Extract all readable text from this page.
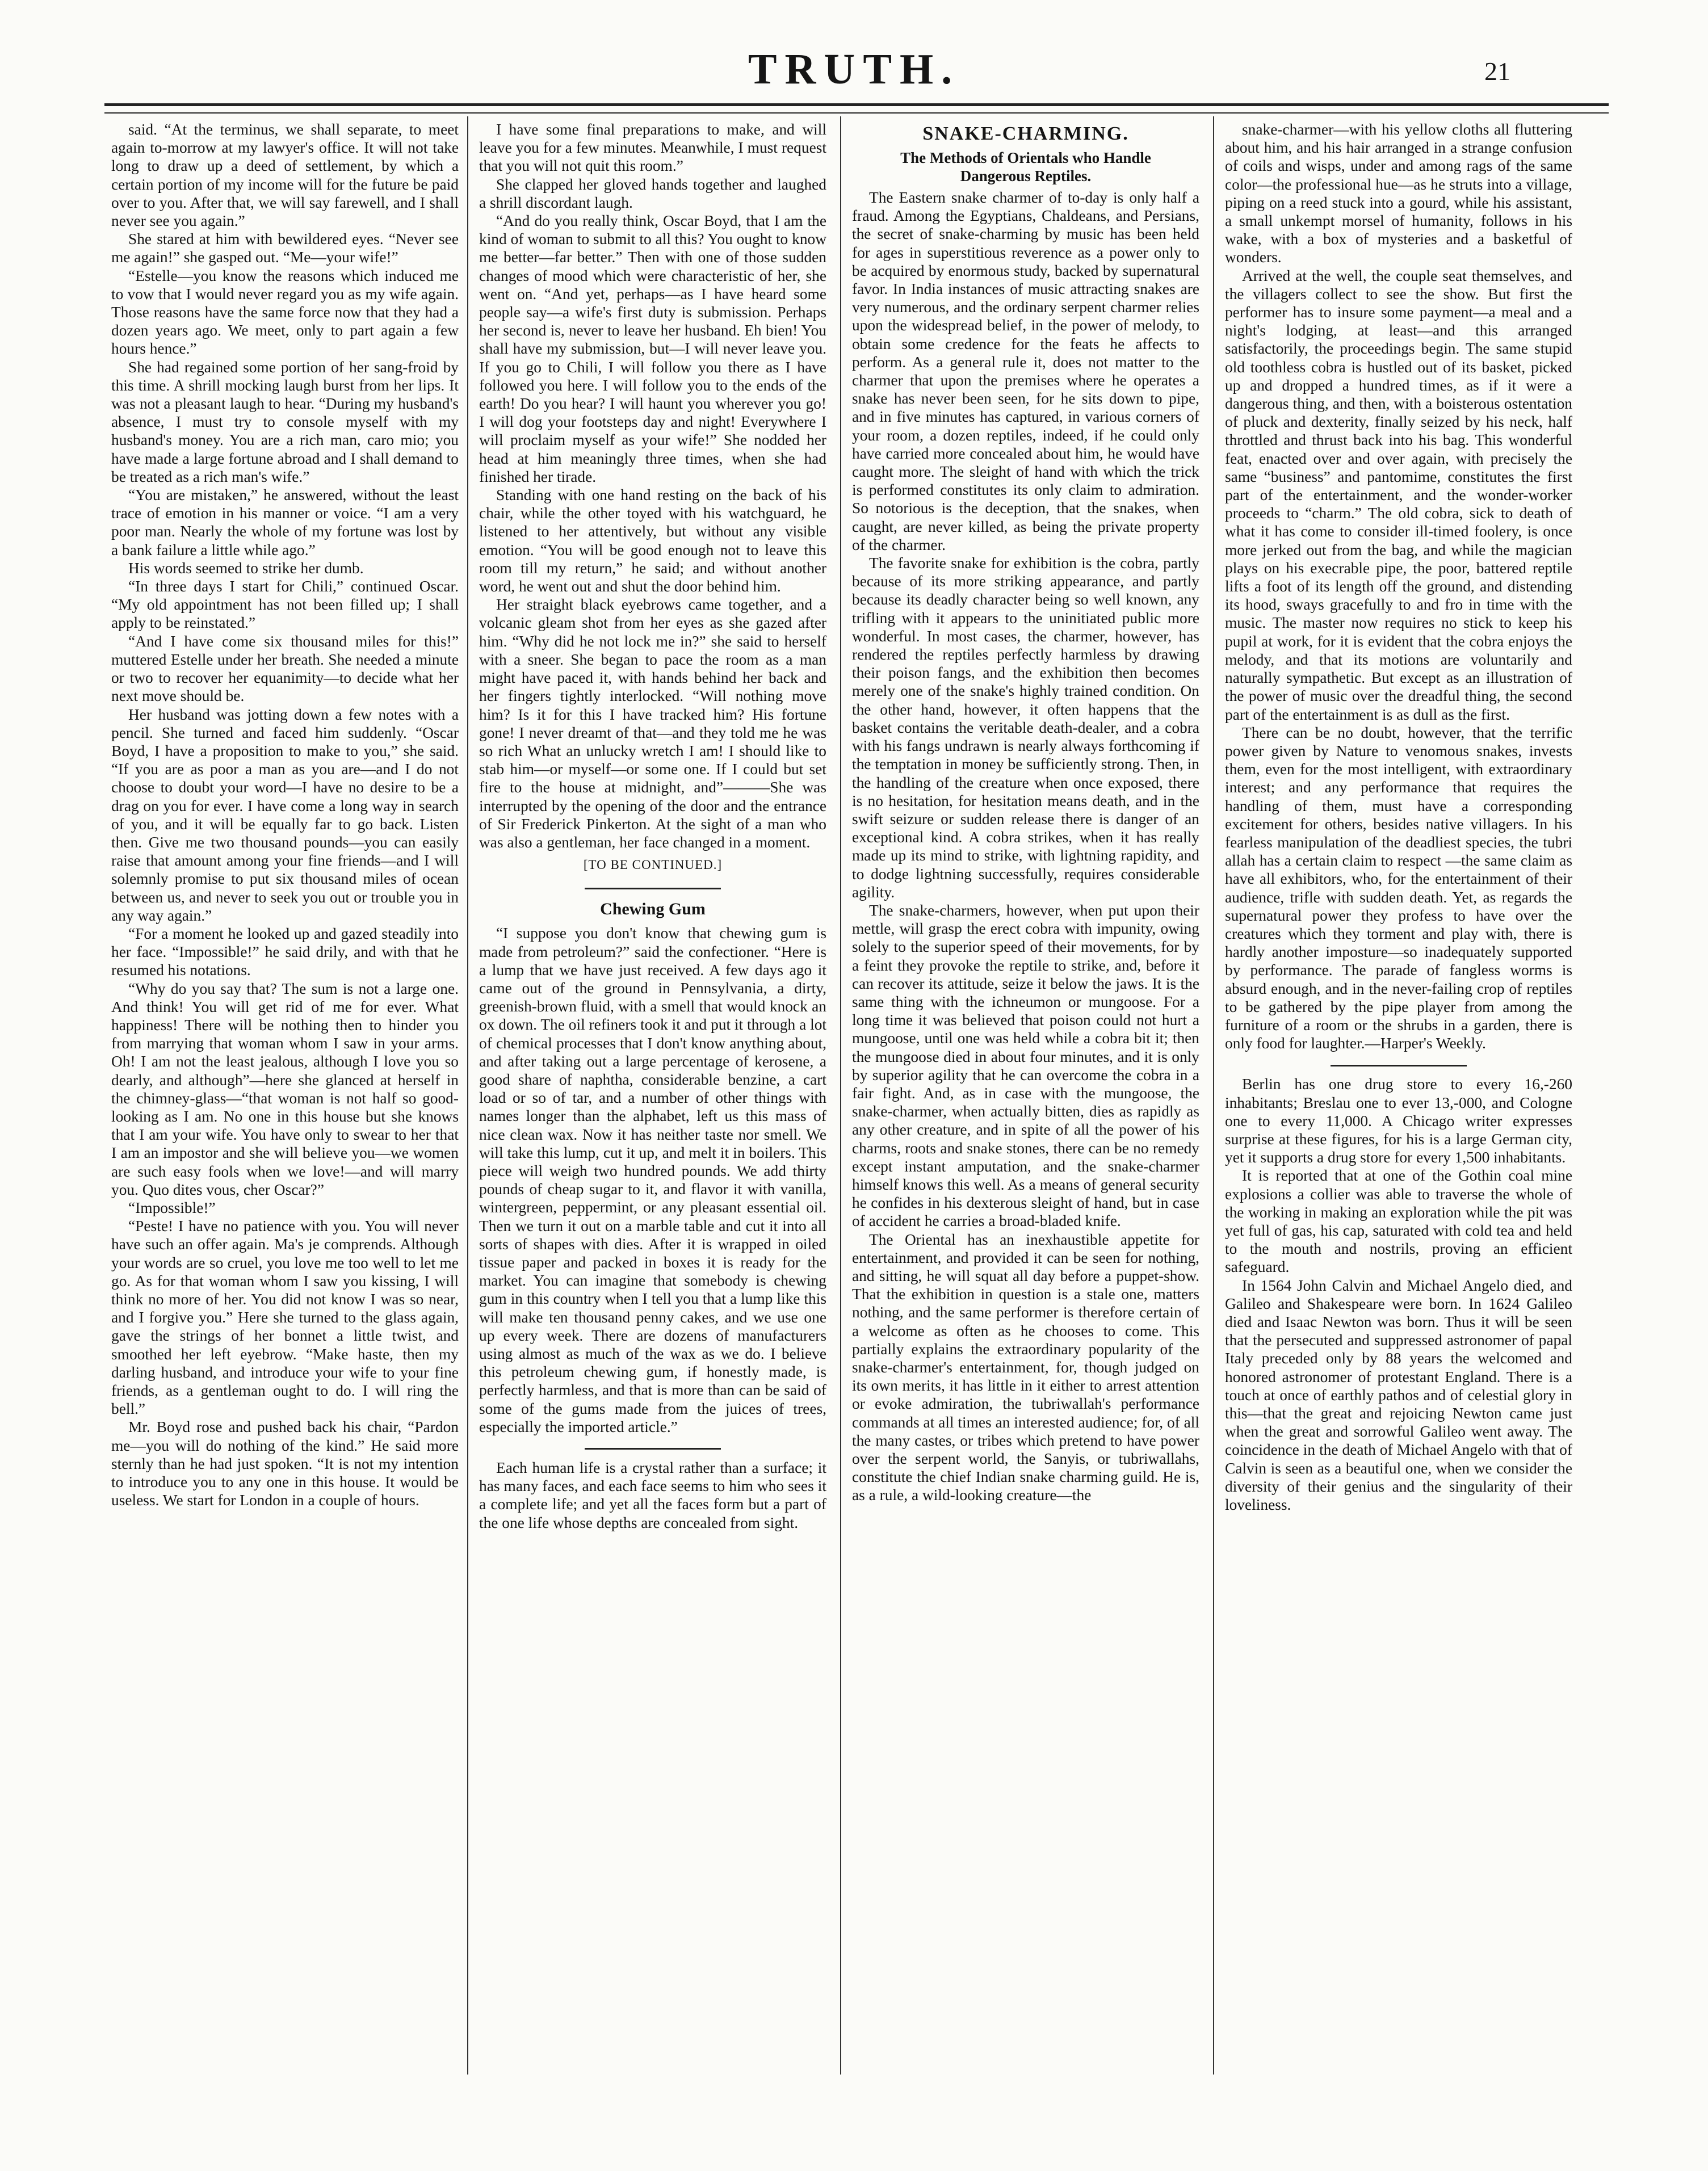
TRUTH.	21

said. “At the terminus, we shall separate, to meet again to-morrow at my lawyer's office. It will not take long to draw up a deed of settlement, by which a certain portion of my income will for the future be paid over to you. After that, we will say farewell, and I shall never see you again.”

She stared at him with bewildered eyes. “Never see me again!” she gasped out. “Me—your wife!”

“Estelle—you know the reasons which induced me to vow that I would never regard you as my wife again. Those reasons have the same force now that they had a dozen years ago. We meet, only to part again a few hours hence.”

She had regained some portion of her sang-froid by this time. A shrill mocking laugh burst from her lips. It was not a pleasant laugh to hear. “During my husband's absence, I must try to console myself with my husband's money. You are a rich man, caro mio; you have made a large fortune abroad and I shall demand to be treated as a rich man's wife.”

“You are mistaken,” he answered, without the least trace of emotion in his manner or voice. “I am a very poor man. Nearly the whole of my fortune was lost by a bank failure a little while ago.”

His words seemed to strike her dumb.

“In three days I start for Chili,” continued Oscar. “My old appointment has not been filled up; I shall apply to be reinstated.”

“And I have come six thousand miles for this!” muttered Estelle under her breath. She needed a minute or two to recover her equanimity—to decide what her next move should be.

Her husband was jotting down a few notes with a pencil. She turned and faced him suddenly. “Oscar Boyd, I have a proposition to make to you,” she said. “If you are as poor a man as you are—and I do not choose to doubt your word—I have no desire to be a drag on you for ever. I have come a long way in search of you, and it will be equally far to go back. Listen then. Give me two thousand pounds—you can easily raise that amount among your fine friends—and I will solemnly promise to put six thousand miles of ocean between us, and never to seek you out or trouble you in any way again.”

“For a moment he looked up and gazed steadily into her face. “Impossible!” he said drily, and with that he resumed his notations.

“Why do you say that? The sum is not a large one. And think! You will get rid of me for ever. What happiness! There will be nothing then to hinder you from marrying that woman whom I saw in your arms. Oh! I am not the least jealous, although I love you so dearly, and although”—here she glanced at herself in the chimney-glass—“that woman is not half so good-looking as I am. No one in this house but she knows that I am your wife. You have only to swear to her that I am an impostor and she will believe you—we women are such easy fools when we love!—and will marry you. Quo dites vous, cher Oscar?”

“Impossible!”

“Peste! I have no patience with you. You will never have such an offer again. Ma's je comprends. Although your words are so cruel, you love me too well to let me go. As for that woman whom I saw you kissing, I will think no more of her. You did not know I was so near, and I forgive you.” Here she turned to the glass again, gave the strings of her bonnet a little twist, and smoothed her left eyebrow. “Make haste, then my darling husband, and introduce your wife to your fine friends, as a gentleman ought to do. I will ring the bell.”

Mr. Boyd rose and pushed back his chair, “Pardon me—you will do nothing of the kind.” He said more sternly than he had just spoken. “It is not my intention to introduce you to any one in this house. It would be useless. We start for London in a couple of hours.

I have some final preparations to make, and will leave you for a few minutes. Meanwhile, I must request that you will not quit this room.”

She clapped her gloved hands together and laughed a shrill discordant laugh.

“And do you really think, Oscar Boyd, that I am the kind of woman to submit to all this? You ought to know me better—far better.” Then with one of those sudden changes of mood which were characteristic of her, she went on. “And yet, perhaps—as I have heard some people say—a wife's first duty is submission. Perhaps her second is, never to leave her husband. Eh bien! You shall have my submission, but—I will never leave you. If you go to Chili, I will follow you there as I have followed you here. I will follow you to the ends of the earth! Do you hear? I will haunt you wherever you go! I will dog your footsteps day and night! Everywhere I will proclaim myself as your wife!” She nodded her head at him meaningly three times, when she had finished her tirade.

Standing with one hand resting on the back of his chair, while the other toyed with his watchguard, he listened to her attentively, but without any visible emotion. “You will be good enough not to leave this room till my return,” he said; and without another word, he went out and shut the door behind him.

Her straight black eyebrows came together, and a volcanic gleam shot from her eyes as she gazed after him. “Why did he not lock me in?” she said to herself with a sneer. She began to pace the room as a man might have paced it, with hands behind her back and her fingers tightly interlocked. “Will nothing move him? Is it for this I have tracked him? His fortune gone! I never dreamt of that—and they told me he was so rich What an unlucky wretch I am! I should like to stab him—or myself—or some one. If I could but set fire to the house at midnight, and”———She was interrupted by the opening of the door and the entrance of Sir Frederick Pinkerton. At the sight of a man who was also a gentleman, her face changed in a moment.

[TO BE CONTINUED.]

Chewing Gum

“I suppose you don't know that chewing gum is made from petroleum?” said the confectioner. “Here is a lump that we have just received. A few days ago it came out of the ground in Pennsylvania, a dirty, greenish-brown fluid, with a smell that would knock an ox down. The oil refiners took it and put it through a lot of chemical processes that I don't know anything about, and after taking out a large percentage of kerosene, a good share of naphtha, considerable benzine, a cart load or so of tar, and a number of other things with names longer than the alphabet, left us this mass of nice clean wax. Now it has neither taste nor smell. We will take this lump, cut it up, and melt it in boilers. This piece will weigh two hundred pounds. We add thirty pounds of cheap sugar to it, and flavor it with vanilla, wintergreen, peppermint, or any pleasant essential oil. Then we turn it out on a marble table and cut it into all sorts of shapes with dies. After it is wrapped in oiled tissue paper and packed in boxes it is ready for the market. You can imagine that somebody is chewing gum in this country when I tell you that a lump like this will make ten thousand penny cakes, and we use one up every week. There are dozens of manufacturers using almost as much of the wax as we do. I believe this petroleum chewing gum, if honestly made, is perfectly harmless, and that is more than can be said of some of the gums made from the juices of trees, especially the imported article.”

Each human life is a crystal rather than a surface; it has many faces, and each face seems to him who sees it a complete life; and yet all the faces form but a part of the one life whose depths are concealed from sight.

SNAKE-CHARMING.

The Methods of Orientals who Handle Dangerous Reptiles.

The Eastern snake charmer of to-day is only half a fraud. Among the Egyptians, Chaldeans, and Persians, the secret of snake-charming by music has been held for ages in superstitious reverence as a power only to be acquired by enormous study, backed by supernatural favor. In India instances of music attracting snakes are very numerous, and the ordinary serpent charmer relies upon the widespread belief, in the power of melody, to obtain some credence for the feats he affects to perform. As a general rule it, does not matter to the charmer that upon the premises where he operates a snake has never been seen, for he sits down to pipe, and in five minutes has captured, in various corners of your room, a dozen reptiles, indeed, if he could only have carried more concealed about him, he would have caught more. The sleight of hand with which the trick is performed constitutes its only claim to admiration. So notorious is the deception, that the snakes, when caught, are never killed, as being the private property of the charmer.

The favorite snake for exhibition is the cobra, partly because of its more striking appearance, and partly because its deadly character being so well known, any trifling with it appears to the uninitiated public more wonderful. In most cases, the charmer, however, has rendered the reptiles perfectly harmless by drawing their poison fangs, and the exhibition then becomes merely one of the snake's highly trained condition. On the other hand, however, it often happens that the basket contains the veritable death-dealer, and a cobra with his fangs undrawn is nearly always forthcoming if the temptation in money be sufficiently strong. Then, in the handling of the creature when once exposed, there is no hesitation, for hesitation means death, and in the swift seizure or sudden release there is danger of an exceptional kind. A cobra strikes, when it has really made up its mind to strike, with lightning rapidity, and to dodge lightning successfully, requires considerable agility.

The snake-charmers, however, when put upon their mettle, will grasp the erect cobra with impunity, owing solely to the superior speed of their movements, for by a feint they provoke the reptile to strike, and, before it can recover its attitude, seize it below the jaws. It is the same thing with the ichneumon or mungoose. For a long time it was believed that poison could not hurt a mungoose, until one was held while a cobra bit it; then the mungoose died in about four minutes, and it is only by superior agility that he can overcome the cobra in a fair fight. And, as in case with the mungoose, the snake-charmer, when actually bitten, dies as rapidly as any other creature, and in spite of all the power of his charms, roots and snake stones, there can be no remedy except instant amputation, and the snake-charmer himself knows this well. As a means of general security he confides in his dexterous sleight of hand, but in case of accident he carries a broad-bladed knife.

The Oriental has an inexhaustible appetite for entertainment, and provided it can be seen for nothing, and sitting, he will squat all day before a puppet-show. That the exhibition in question is a stale one, matters nothing, and the same performer is therefore certain of a welcome as often as he chooses to come. This partially explains the extraordinary popularity of the snake-charmer's entertainment, for, though judged on its own merits, it has little in it either to arrest attention or evoke admiration, the tubriwallah's performance commands at all times an interested audience; for, of all the many castes, or tribes which pretend to have power over the serpent world, the Sanyis, or tubriwallahs, constitute the chief Indian snake charming guild. He is, as a rule, a wild-looking creature—the

snake-charmer—with his yellow cloths all fluttering about him, and his hair arranged in a strange confusion of coils and wisps, under and among rags of the same color—the professional hue—as he struts into a village, piping on a reed stuck into a gourd, while his assistant, a small unkempt morsel of humanity, follows in his wake, with a box of mysteries and a basketful of wonders.

Arrived at the well, the couple seat themselves, and the villagers collect to see the show. But first the performer has to insure some payment—a meal and a night's lodging, at least—and this arranged satisfactorily, the proceedings begin. The same stupid old toothless cobra is hustled out of its basket, picked up and dropped a hundred times, as if it were a dangerous thing, and then, with a boisterous ostentation of pluck and dexterity, finally seized by his neck, half throttled and thrust back into his bag. This wonderful feat, enacted over and over again, with precisely the same “business” and pantomime, constitutes the first part of the entertainment, and the wonder-worker proceeds to “charm.” The old cobra, sick to death of what it has come to consider ill-timed foolery, is once more jerked out from the bag, and while the magician plays on his execrable pipe, the poor, battered reptile lifts a foot of its length off the ground, and distending its hood, sways gracefully to and fro in time with the music. The master now requires no stick to keep his pupil at work, for it is evident that the cobra enjoys the melody, and that its motions are voluntarily and naturally sympathetic. But except as an illustration of the power of music over the dreadful thing, the second part of the entertainment is as dull as the first.

There can be no doubt, however, that the terrific power given by Nature to venomous snakes, invests them, even for the most intelligent, with extraordinary interest; and any performance that requires the handling of them, must have a corresponding excitement for others, besides native villagers. In his fearless manipulation of the deadliest species, the tubri allah has a certain claim to respect —the same claim as have all exhibitors, who, for the entertainment of their audience, trifle with sudden death. Yet, as regards the supernatural power they profess to have over the creatures which they torment and play with, there is hardly another imposture—so inadequately supported by performance. The parade of fangless worms is absurd enough, and in the never-failing crop of reptiles to be gathered by the pipe player from among the furniture of a room or the shrubs in a garden, there is only food for laughter.—Harper's Weekly.

Berlin has one drug store to every 16,-260 inhabitants; Breslau one to ever 13,-000, and Cologne one to every 11,000. A Chicago writer expresses surprise at these figures, for his is a large German city, yet it supports a drug store for every 1,500 inhabitants.

It is reported that at one of the Gothin coal mine explosions a collier was able to traverse the whole of the working in making an exploration while the pit was yet full of gas, his cap, saturated with cold tea and held to the mouth and nostrils, proving an efficient safeguard.

In 1564 John Calvin and Michael Angelo died, and Galileo and Shakespeare were born. In 1624 Galileo died and Isaac Newton was born. Thus it will be seen that the persecuted and suppressed astronomer of papal Italy preceded only by 88 years the welcomed and honored astronomer of protestant England. There is a touch at once of earthly pathos and of celestial glory in this—that the great and rejoicing Newton came just when the great and sorrowful Galileo went away. The coincidence in the death of Michael Angelo with that of Calvin is seen as a beautiful one, when we consider the diversity of their genius and the singularity of their loveliness.
